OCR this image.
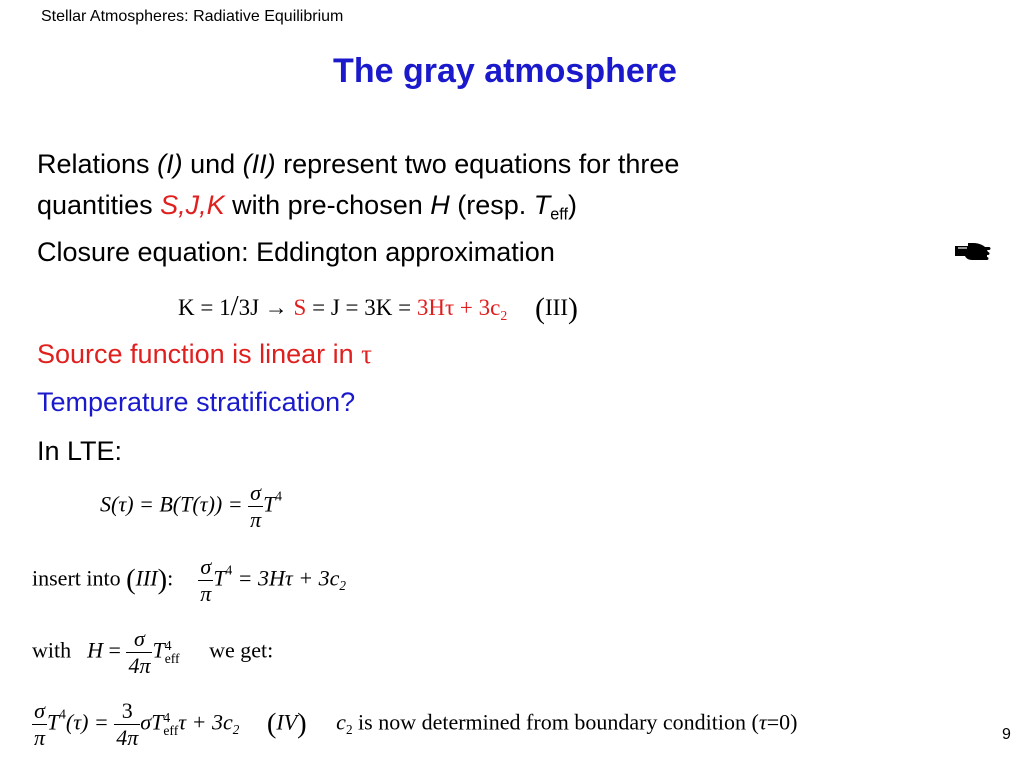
Stellar Atmospheres: Radiative Equilibrium
The gray atmosphere
Relations (I) und (II) represent two equations for three
quantities S,J,K with pre-chosen H (resp. $T_{eff}$)
Closure equation: Eddington approximation
$K = 1/3J \to S = J = 3K = 3H\tau + 3c_2$ (III)
Source function is linear in τ
Temperature stratification?
In LTE:
$S(\tau) = B(T(\tau)) = \frac{\sigma}{\pi} T^4$
insert into (III): $\frac{\sigma}{\pi} T^4 = 3H\tau + 3c_2$
with $H = \frac{\sigma}{4\pi}$ T 4
eff we get:
$\frac{\sigma}{\pi} T^4(\tau) = \frac{3}{4\pi}$ σT 4
eff $\tau + 3c_2$ (IV) $c_2$ is now determined from boundary condition (τ=0)	9
